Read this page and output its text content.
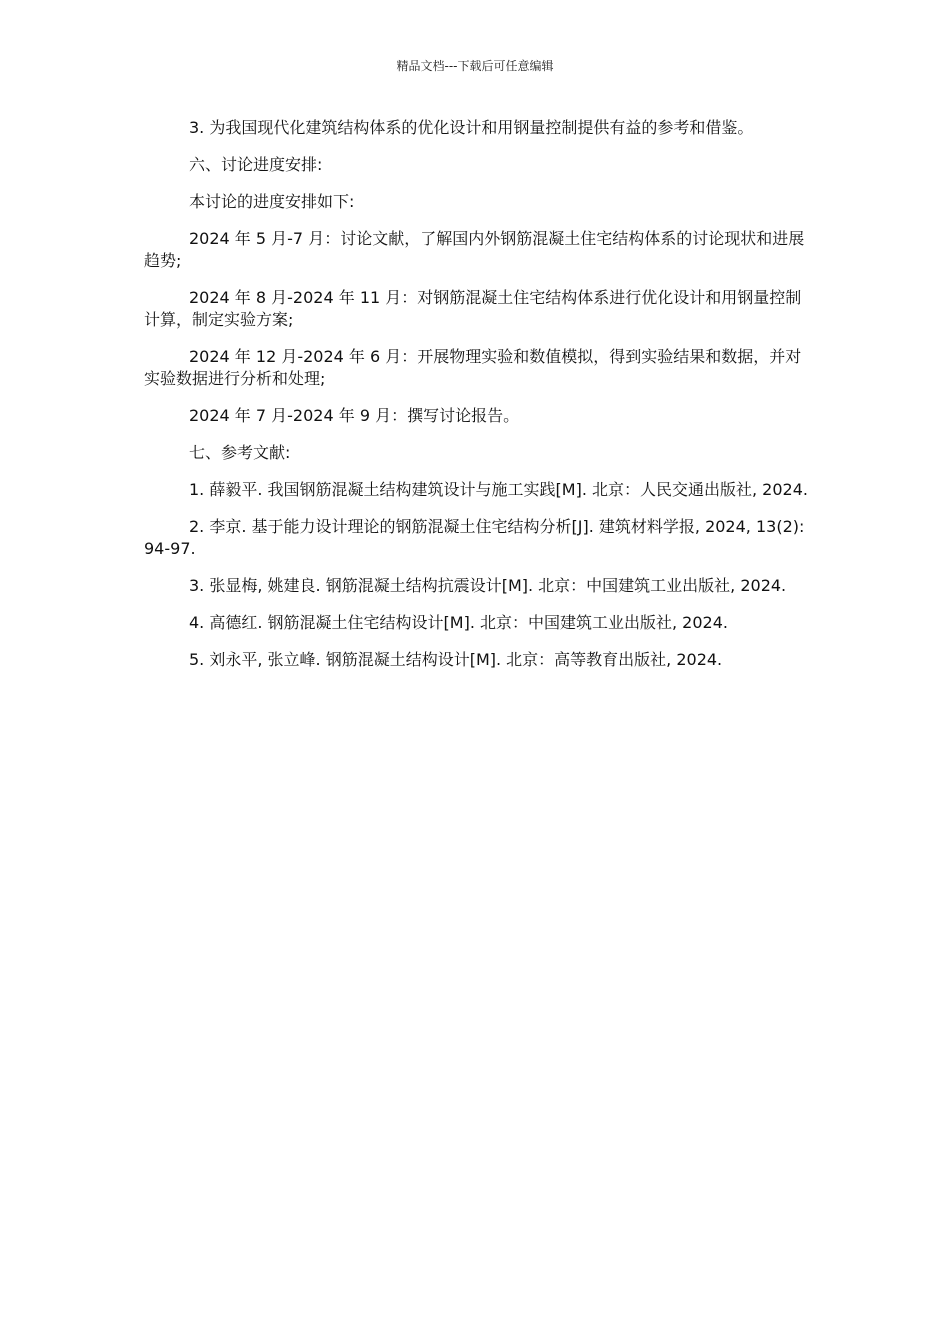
精品文档---下载后可任意编辑

3. 为我国现代化建筑结构体系的优化设计和用钢量控制提供有益的参考和借鉴。

六、讨论进度安排:

本讨论的进度安排如下:

2024 年 5 月-7 月：讨论文献，了解国内外钢筋混凝土住宅结构体系的讨论现状和进展趋势;

2024 年 8 月-2024 年 11 月：对钢筋混凝土住宅结构体系进行优化设计和用钢量控制计算，制定实验方案;

2024 年 12 月-2024 年 6 月：开展物理实验和数值模拟，得到实验结果和数据，并对实验数据进行分析和处理;

2024 年 7 月-2024 年 9 月：撰写讨论报告。

七、参考文献:

1. 薛毅平. 我国钢筋混凝土结构建筑设计与施工实践[M]. 北京：人民交通出版社, 2024.

2. 李京. 基于能力设计理论的钢筋混凝土住宅结构分析[J]. 建筑材料学报, 2024, 13(2): 94-97.

3. 张显梅, 姚建良. 钢筋混凝土结构抗震设计[M]. 北京：中国建筑工业出版社, 2024.

4. 高德红. 钢筋混凝土住宅结构设计[M]. 北京：中国建筑工业出版社, 2024.

5. 刘永平, 张立峰. 钢筋混凝土结构设计[M]. 北京：高等教育出版社, 2024.
